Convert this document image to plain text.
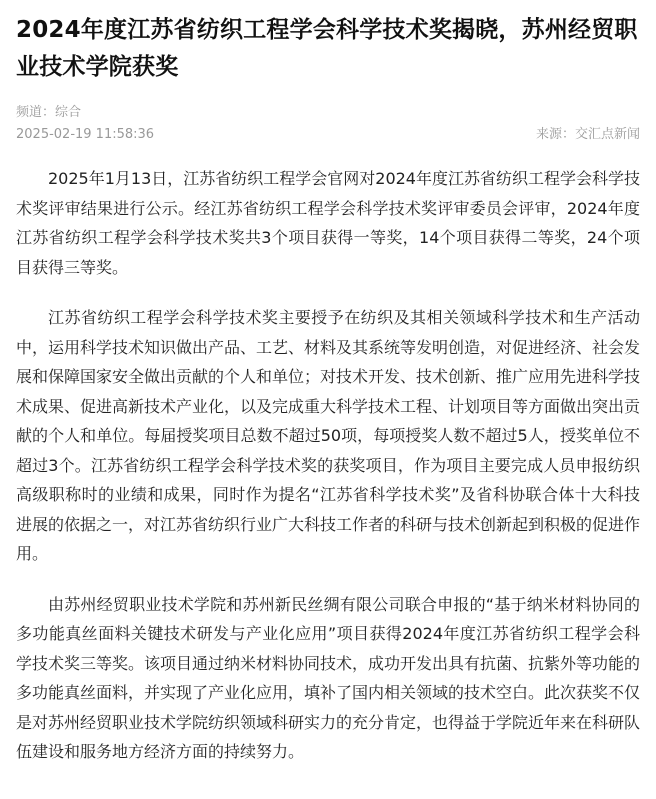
2024年度江苏省纺织工程学会科学技术奖揭晓，苏州经贸职业技术学院获奖
频道：综合
2025-02-19 11:58:36	来源：交汇点新闻

2025年1月13日，江苏省纺织工程学会官网对2024年度江苏省纺织工程学会科学技术奖评审结果进行公示。经江苏省纺织工程学会科学技术奖评审委员会评审，2024年度江苏省纺织工程学会科学技术奖共3个项目获得一等奖，14个项目获得二等奖，24个项目获得三等奖。

江苏省纺织工程学会科学技术奖主要授予在纺织及其相关领域科学技术和生产活动中，运用科学技术知识做出产品、工艺、材料及其系统等发明创造，对促进经济、社会发展和保障国家安全做出贡献的个人和单位；对技术开发、技术创新、推广应用先进科学技术成果、促进高新技术产业化，以及完成重大科学技术工程、计划项目等方面做出突出贡献的个人和单位。每届授奖项目总数不超过50项，每项授奖人数不超过5人，授奖单位不超过3个。江苏省纺织工程学会科学技术奖的获奖项目，作为项目主要完成人员申报纺织高级职称时的业绩和成果，同时作为提名“江苏省科学技术奖”及省科协联合体十大科技进展的依据之一，对江苏省纺织行业广大科技工作者的科研与技术创新起到积极的促进作用。

由苏州经贸职业技术学院和苏州新民丝绸有限公司联合申报的“基于纳米材料协同的多功能真丝面料关键技术研发与产业化应用”项目获得2024年度江苏省纺织工程学会科学技术奖三等奖。该项目通过纳米材料协同技术，成功开发出具有抗菌、抗紫外等功能的多功能真丝面料，并实现了产业化应用，填补了国内相关领域的技术空白。此次获奖不仅是对苏州经贸职业技术学院纺织领域科研实力的充分肯定，也得益于学院近年来在科研队伍建设和服务地方经济方面的持续努力。
